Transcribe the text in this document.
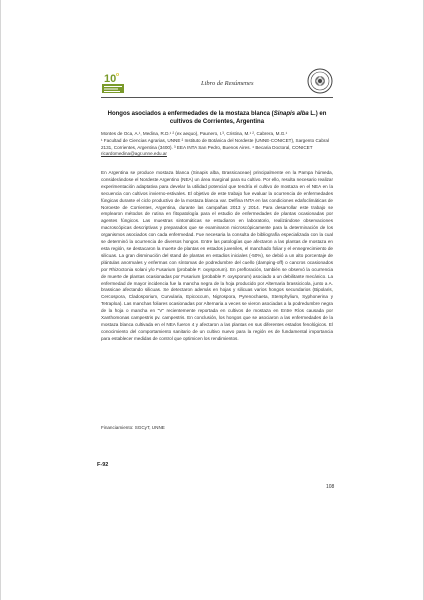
10 o
Libro de Resúmenes
Hongos asociados a enfermedades de la mostaza blanca (Sinapis alba L.) en cultivos de Corrientes, Argentina
Montes de Oca, A.¹, Medina, R.D.¹ ² (ex aequo), Paunero, I.³, Cristina, M.¹ ², Cabrera, M.G.¹
¹ Facultad de Ciencias Agrarias, UNNE ² Instituto de Botánica del Nordeste (UNNE-CONICET), Sargento Cabral 2131, Corrientes, Argentina (3400). ³ EEA INTA San Pedro, Buenos Aires. ⁴ Becaria Doctoral, CONICET ricardomedina@agr.unne.edu.ar

En Argentina se produce mostaza blanca (Sinapis alba, Brassicaceae) principalmente en la Pampa húmeda, considerándose el Nordeste Argentino (NEA) un área marginal para su cultivo. Por ello, resulta necesario realizar experimentación adaptativa para develar la utilidad potencial que tendría el cultivo de mostaza en el NEA en la secuencia con cultivos invierno-estivales. El objetivo de este trabajo fue evaluar la ocurrencia de enfermedades fúngicas durante el ciclo productivo de la mostaza blanca var. Delfina INTA en las condiciones edafoclimáticas de Noroeste de Corrientes, Argentina, durante las campañas 2013 y 2014. Para desarrollar este trabajo se emplearon métodos de rutina en fitopatología para el estudio de enfermedades de plantas ocasionadas por agentes fúngicos. Las muestras sintomáticas se estudiaron en laboratorio, realizándose observaciones macroscópicas descriptivas y preparados que se examinaron microscópicamente para la determinación de los organismos asociados con cada enfermedad. Fue necesaria la consulta de bibliografía especializada con la cual se determinó la ocurrencia de diversos hongos. Entre las patologías que afectaron a las plantas de mostaza en esta región, se destacaron la muerte de plantas en estados juveniles, el manchado foliar y el ennegrecimiento de silicuas. La gran disminución del stand de plantas en estadios iniciales (-50%), se debió a un alto porcentaje de plántulas anormales y enfermas con síntomas de podredumbre del cuello (damping-off) o cancros ocasionados por Rhizoctonia solani y/o Fusarium (probable F. oxysporum). En prefloración, también se observó la ocurrencia de muerte de plantas ocasionadas por Fusarium (probable F. oxysporum) asociado a un debilitante mecánico. La enfermedad de mayor incidencia fue la mancha negra de la hoja producido por Alternaria brassicicola, junto a A. brassicae afectando silicuas. Se detectaron además en hojas y silicuas varios hongos secundarios (Bipolaris, Cercospora, Cladosporium, Curvularia, Epicoccum, Nigrospora, Pyrenochaeta, Stemphylium, Syphonerina y Tetraploa). Las manchas foliares ocasionadas por Alternaria a veces se vieron asociadas a la podredumbre negra de la hoja o mancha en "V" recientemente reportada en cultivos de mostaza en Entre Ríos causada por Xanthomonas campestris pv. campestris. En conclusión, los hongos que se asociaron a las enfermedades de la mostaza blanca cultivada en el NEA fueron 4 y afectaron a las plantas en sus diferentes estados fenológicos. El conocimiento del comportamiento sanitario de un cultivo nuevo para la región es de fundamental importancia para establecer medidas de control que optimicen los rendimientos.

Financiamiento: SGCyT, UNNE
F-92
108
